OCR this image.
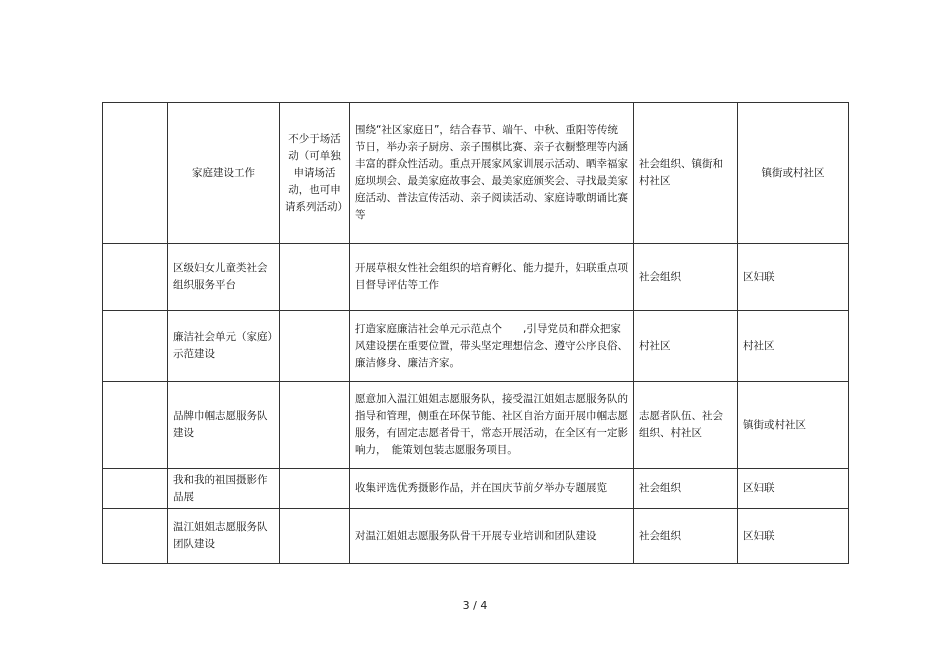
	家庭建设工作	不少于场活动（可单独申请场活动，也可申请系列活动）	围绕“社区家庭日”，结合春节、端午、中秋、重阳等传统节日，举办亲子厨房、亲子围棋比赛、亲子衣橱整理等内涵丰富的群众性活动。重点开展家风家训展示活动、晒幸福家庭坝坝会、最美家庭故事会、最美家庭颁奖会、寻找最美家庭活动、普法宣传活动、亲子阅读活动、家庭诗歌朗诵比赛等	社会组织、镇街和村社区	镇街或村社区
	区级妇女儿童类社会组织服务平台		开展草根女性社会组织的培育孵化、能力提升，妇联重点项目督导评估等工作	社会组织	区妇联
	廉洁社会单元（家庭）示范建设		打造家庭廉洁社会单元示范点个　　,引导党员和群众把家风建设摆在重要位置，带头坚定理想信念、遵守公序良俗、廉洁修身、廉洁齐家。	村社区	村社区
	品牌巾帼志愿服务队建设		愿意加入温江姐姐志愿服务队，接受温江姐姐志愿服务队的指导和管理，侧重在环保节能、社区自治方面开展巾帼志愿服务，有固定志愿者骨干，常态开展活动，在全区有一定影响力，　能策划包装志愿服务项目。	志愿者队伍、社会组织、村社区	镇街或村社区
	我和我的祖国摄影作品展		收集评选优秀摄影作品，并在国庆节前夕举办专题展览	社会组织	区妇联
	温江姐姐志愿服务队团队建设		对温江姐姐志愿服务队骨干开展专业培训和团队建设	社会组织	区妇联
3 / 4
